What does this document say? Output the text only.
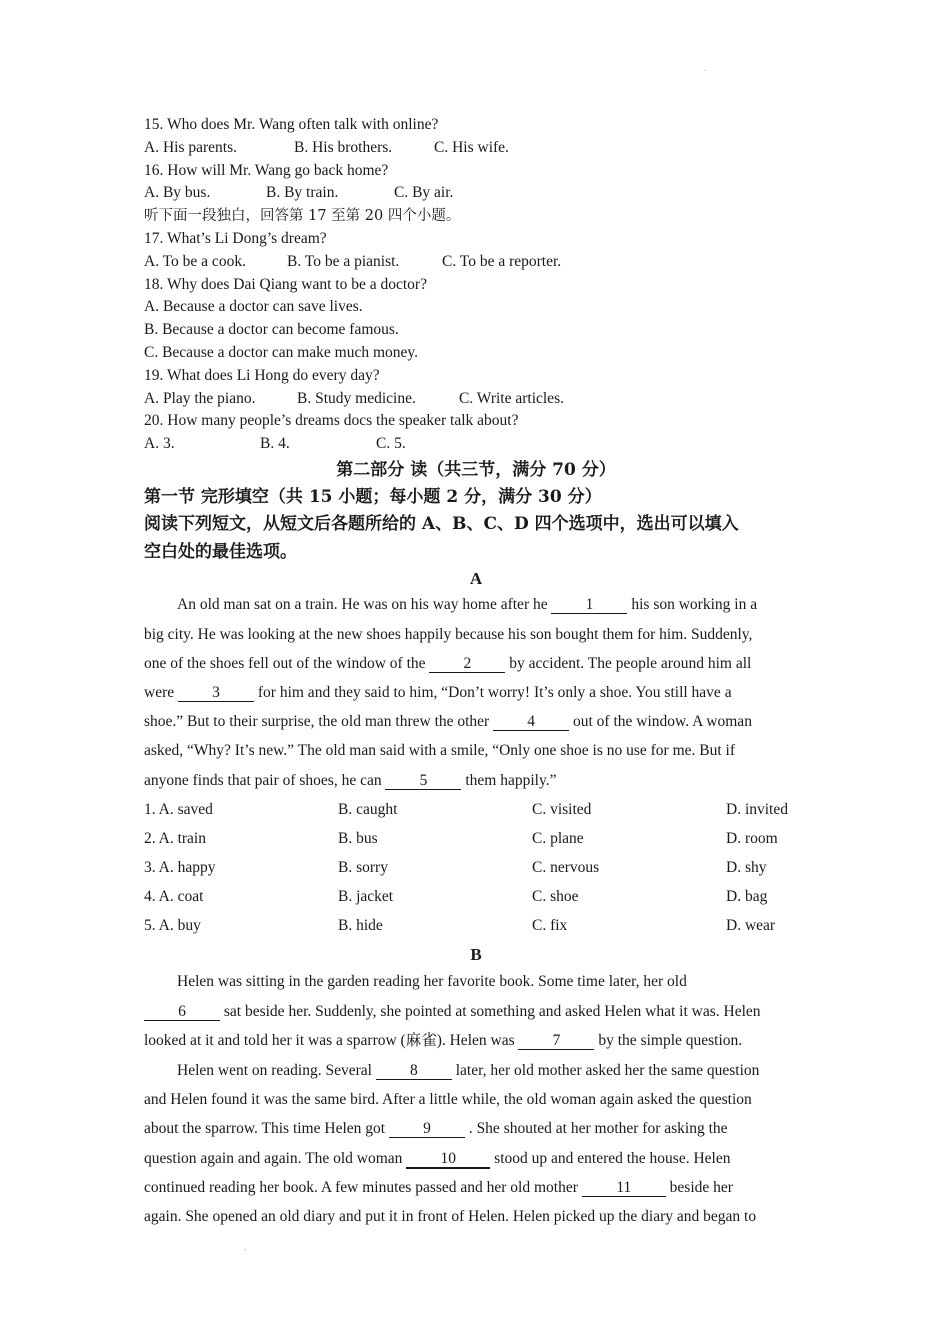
15. Who does Mr. Wang often talk with online?
A. His parents.	B. His brothers.	C. His wife.
16. How will Mr. Wang go back home?
A. By bus.	B. By train.	C. By air.
听下面一段独白，回答第 17 至第 20 四个小题。
17. What’s Li Dong’s dream?
A. To be a cook.	B. To be a pianist.	C. To be a reporter.
18. Why does Dai Qiang want to be a doctor?
A. Because a doctor can save lives.
B. Because a doctor can become famous.
C. Because a doctor can make much money.
19. What does Li Hong do every day?
A. Play the piano.	B. Study medicine.	C. Write articles.
20. How many people’s dreams docs the speaker talk about?
A. 3.	B. 4.	C. 5.
第二部分 读（共三节，满分 70 分）
第一节 完形填空（共 15 小题；每小题 2 分，满分 30 分）
阅读下列短文，从短文后各题所给的 A、B、C、D 四个选项中，选出可以填入
空白处的最佳选项。
A
An old man sat on a train. He was on his way home after he 1 his son working in a
big city. He was looking at the new shoes happily because his son bought them for him. Suddenly,
one of the shoes fell out of the window of the 2 by accident. The people around him all
were 3 for him and they said to him, “Don’t worry! It’s only a shoe. You still have a
shoe.” But to their surprise, the old man threw the other 4 out of the window. A woman
asked, “Why? It’s new.” The old man said with a smile, “Only one shoe is no use for me. But if
anyone finds that pair of shoes, he can 5 them happily.”
1. A. saved	B. caught	C. visited	D. invited
2. A. train	B. bus	C. plane	D. room
3. A. happy	B. sorry	C. nervous	D. shy
4. A. coat	B. jacket	C. shoe	D. bag
5. A. buy	B. hide	C. fix	D. wear
B
Helen was sitting in the garden reading her favorite book. Some time later, her old
6 sat beside her. Suddenly, she pointed at something and asked Helen what it was. Helen
looked at it and told her it was a sparrow (麻雀). Helen was 7 by the simple question.
Helen went on reading. Several 8 later, her old mother asked her the same question
and Helen found it was the same bird. After a little while, the old woman again asked the question
about the sparrow. This time Helen got 9 . She shouted at her mother for asking the
question again and again. The old woman 10 stood up and entered the house. Helen
continued reading her book. A few minutes passed and her old mother 11 beside her
again. She opened an old diary and put it in front of Helen. Helen picked up the diary and began to
